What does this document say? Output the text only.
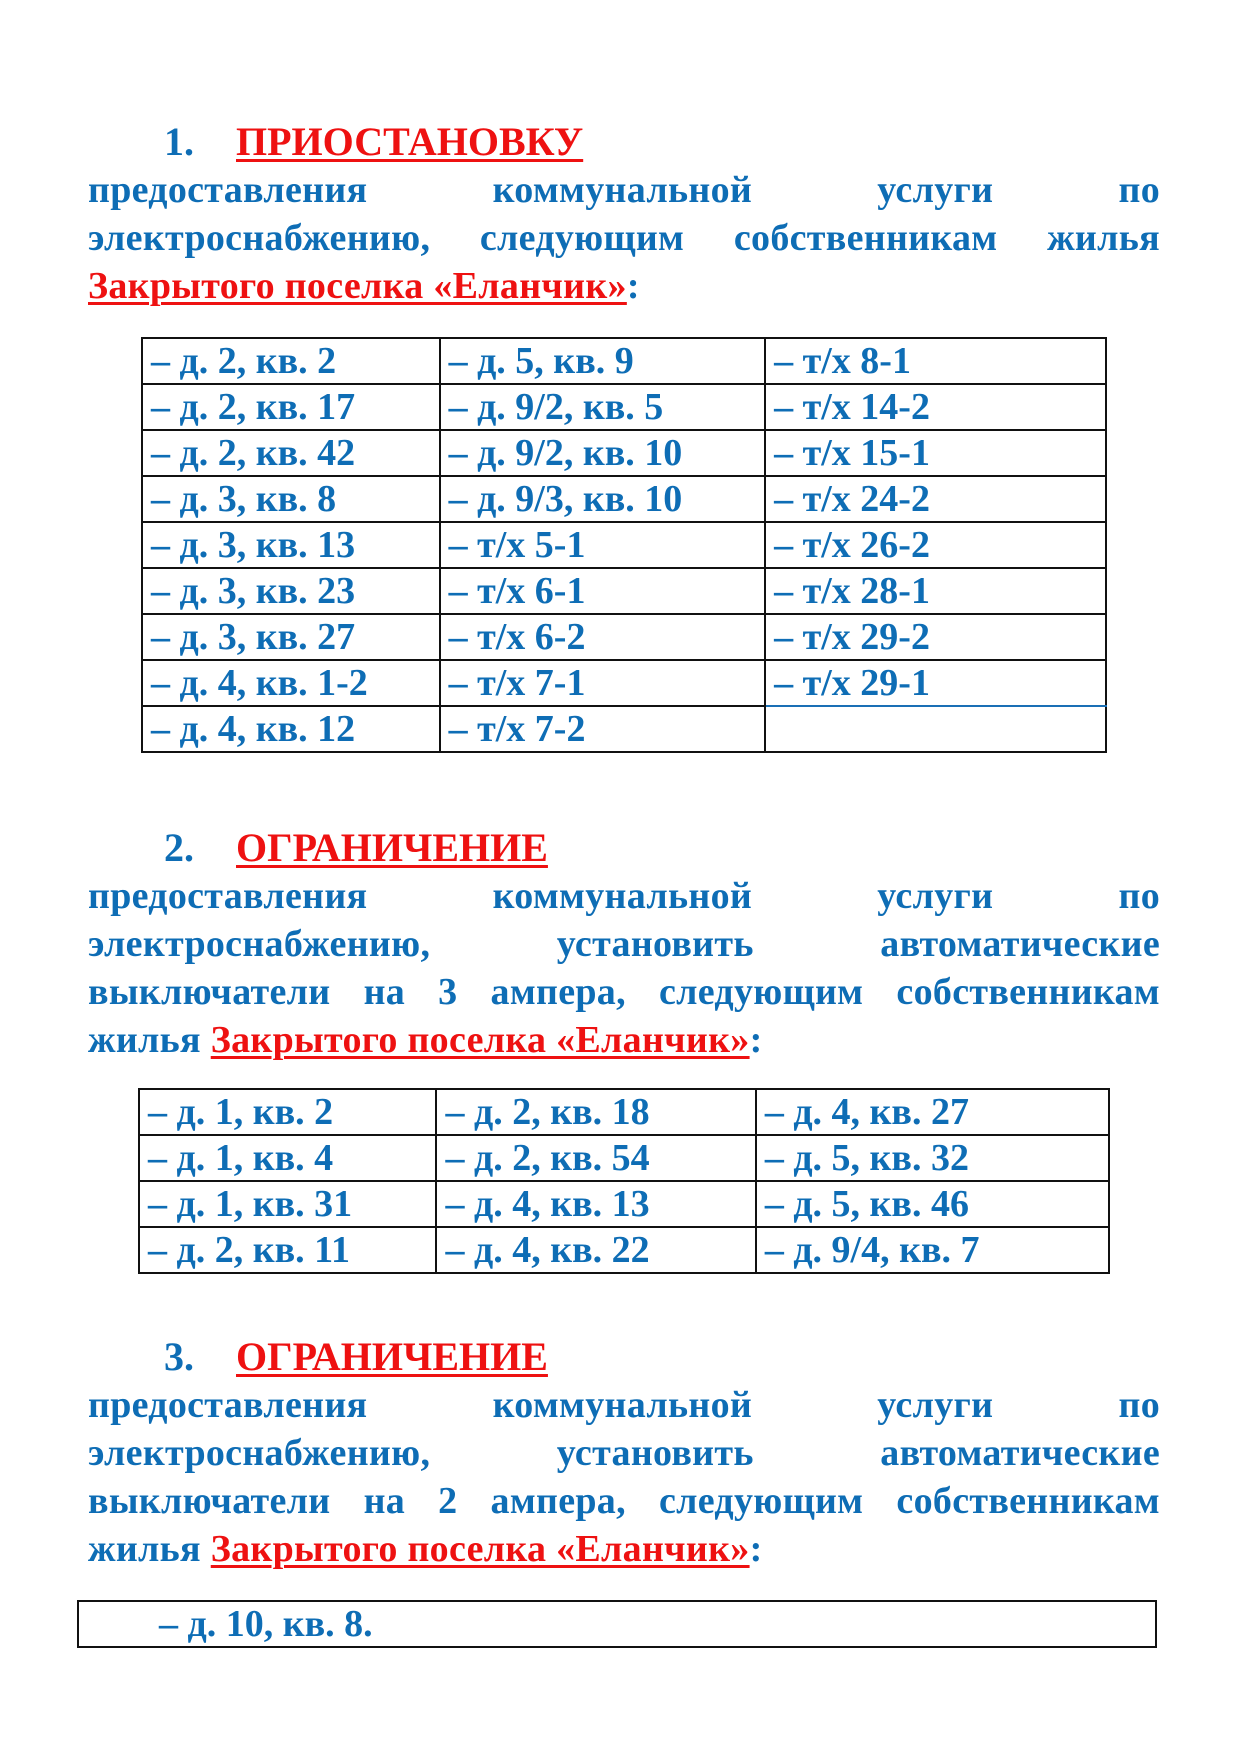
1. ПРИОСТАНОВКУ
предоставления коммунальной услуги по
электроснабжению, следующим собственникам жилья
Закрытого поселка «Еланчик»:
– д. 2, кв. 2	– д. 5, кв. 9	– т/х 8-1
– д. 2, кв. 17	– д. 9/2, кв. 5	– т/х 14-2
– д. 2, кв. 42	– д. 9/2, кв. 10	– т/х 15-1
– д. 3, кв. 8	– д. 9/3, кв. 10	– т/х 24-2
– д. 3, кв. 13	– т/х 5-1	– т/х 26-2
– д. 3, кв. 23	– т/х 6-1	– т/х 28-1
– д. 3, кв. 27	– т/х 6-2	– т/х 29-2
– д. 4, кв. 1-2	– т/х 7-1	– т/х 29-1
– д. 4, кв. 12	– т/х 7-2	
2. ОГРАНИЧЕНИЕ
предоставления коммунальной услуги по
электроснабжению, установить автоматические
выключатели на 3 ампера, следующим собственникам
жилья Закрытого поселка «Еланчик»:
– д. 1, кв. 2	– д. 2, кв. 18	– д. 4, кв. 27
– д. 1, кв. 4	– д. 2, кв. 54	– д. 5, кв. 32
– д. 1, кв. 31	– д. 4, кв. 13	– д. 5, кв. 46
– д. 2, кв. 11	– д. 4, кв. 22	– д. 9/4, кв. 7
3. ОГРАНИЧЕНИЕ
предоставления коммунальной услуги по
электроснабжению, установить автоматические
выключатели на 2 ампера, следующим собственникам
жилья Закрытого поселка «Еланчик»:
– д. 10, кв. 8.
